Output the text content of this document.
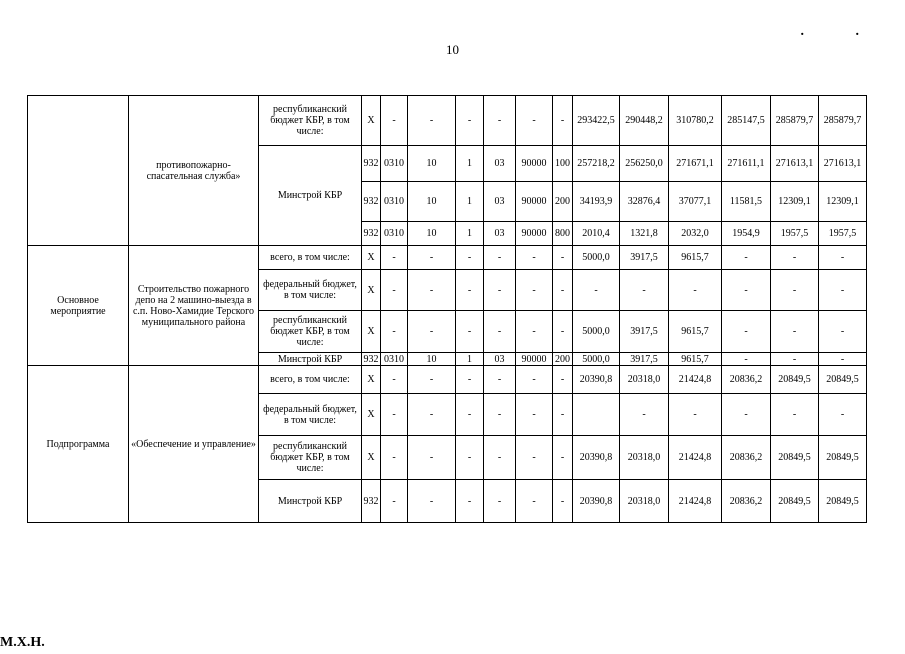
10
. .
	противопожарно-спасательная служба»	республиканский бюджет КБР, в том числе:	X	-	-	-	-	-	-	293422,5	290448,2	310780,2	285147,5	285879,7	285879,7
		Минстрой КБР	932	0310	10	1	03	90000	100	257218,2	256250,0	271671,1	271611,1	271613,1	271613,1
			932	0310	10	1	03	90000	200	34193,9	32876,4	37077,1	11581,5	12309,1	12309,1
			932	0310	10	1	03	90000	800	2010,4	1321,8	2032,0	1954,9	1957,5	1957,5
Основное мероприятие	Строительство пожарного депо на 2 машино-выезда в с.п. Ново-Хамидие Терского муниципального района	всего, в том числе:	X	-	-	-	-	-	-	5000,0	3917,5	9615,7	-	-	-
		федеральный бюджет, в том числе:	X	-	-	-	-	-	-	-	-	-	-	-	-
		республиканский бюджет КБР, в том числе:	X	-	-	-	-	-	-	5000,0	3917,5	9615,7	-	-	-
		Минстрой КБР	932	0310	10	1	03	90000	200	5000,0	3917,5	9615,7	-	-	-
Подпрограмма	«Обеспечение и управление»	всего, в том числе:	X	-	-	-	-	-	-	20390,8	20318,0	21424,8	20836,2	20849,5	20849,5
		федеральный бюджет, в том числе:	X	-	-	-	-	-	-		-	-	-	-	-
		республиканский бюджет КБР, в том числе:	X	-	-	-	-	-	-	20390,8	20318,0	21424,8	20836,2	20849,5	20849,5
		Минстрой КБР	932	-	-	-	-	-	-	20390,8	20318,0	21424,8	20836,2	20849,5	20849,5
М.Х.Н.
